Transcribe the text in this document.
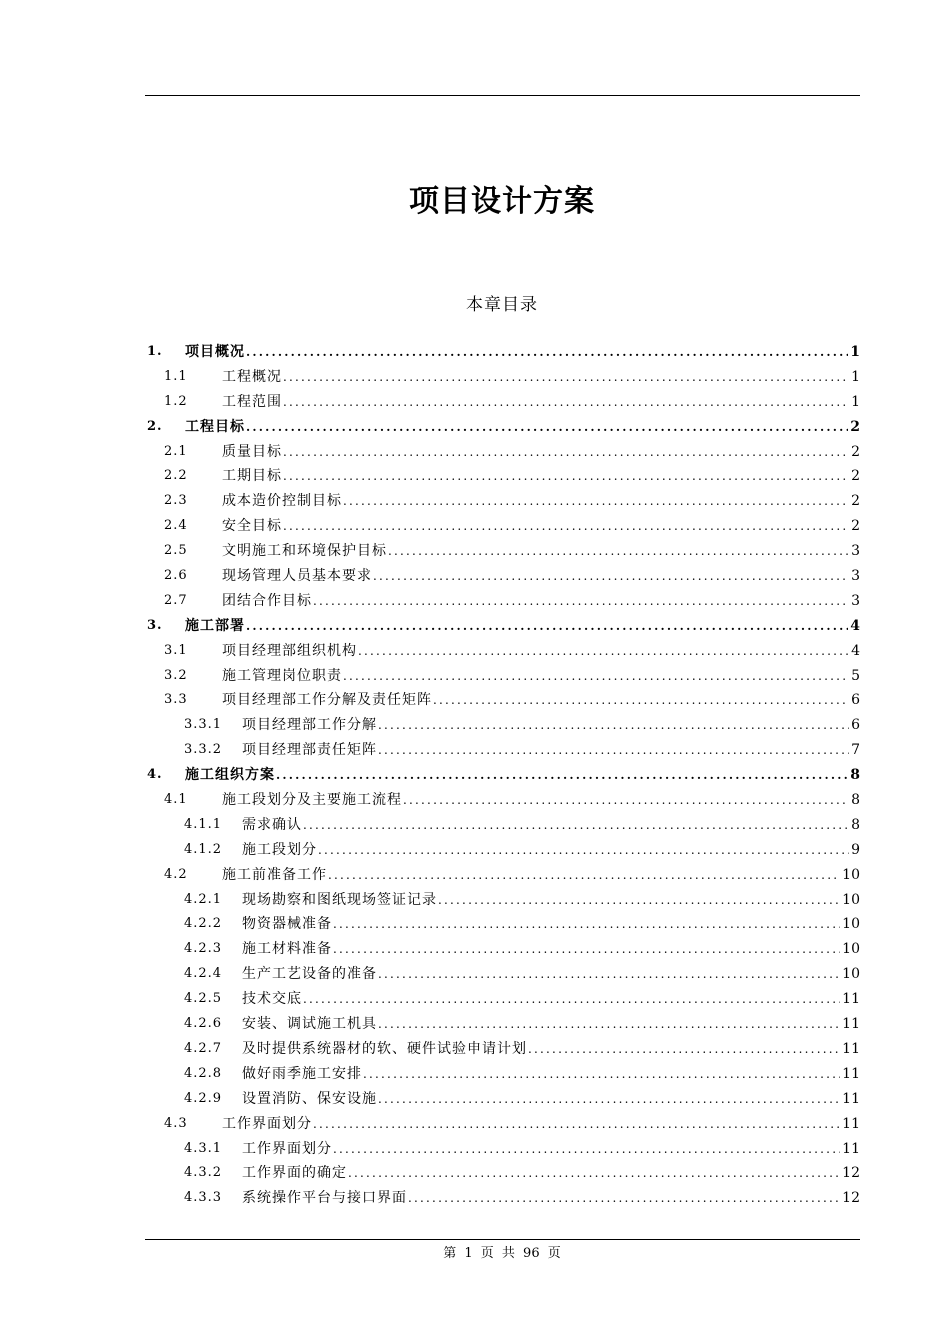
项目设计方案
本章目录
1.	项目概况 .....	1
1.1	工程概况 .....	1
1.2	工程范围 .....	1
2.	工程目标 .....	2
2.1	质量目标 .....	2
2.2	工期目标 .....	2
2.3	成本造价控制目标 .....	2
2.4	安全目标 .....	2
2.5	文明施工和环境保护目标 .....	3
2.6	现场管理人员基本要求 .....	3
2.7	团结合作目标 .....	3
3.	施工部署 .....	4
3.1	项目经理部组织机构 .....	4
3.2	施工管理岗位职责 .....	5
3.3	项目经理部工作分解及责任矩阵 .....	6
3.3.1	项目经理部工作分解 .....	6
3.3.2	项目经理部责任矩阵 .....	7
4.	施工组织方案 .....	8
4.1	施工段划分及主要施工流程 .....	8
4.1.1	需求确认 .....	8
4.1.2	施工段划分 .....	9
4.2	施工前准备工作 .....	10
4.2.1	现场勘察和图纸现场签证记录 .....	10
4.2.2	物资器械准备 .....	10
4.2.3	施工材料准备 .....	10
4.2.4	生产工艺设备的准备 .....	10
4.2.5	技术交底 .....	11
4.2.6	安装、调试施工机具 .....	11
4.2.7	及时提供系统器材的软、硬件试验申请计划 .....	11
4.2.8	做好雨季施工安排 .....	11
4.2.9	设置消防、保安设施 .....	11
4.3	工作界面划分 .....	11
4.3.1	工作界面划分 .....	11
4.3.2	工作界面的确定 .....	12
4.3.3	系统操作平台与接口界面 .....	12
第 1 页 共 96 页
